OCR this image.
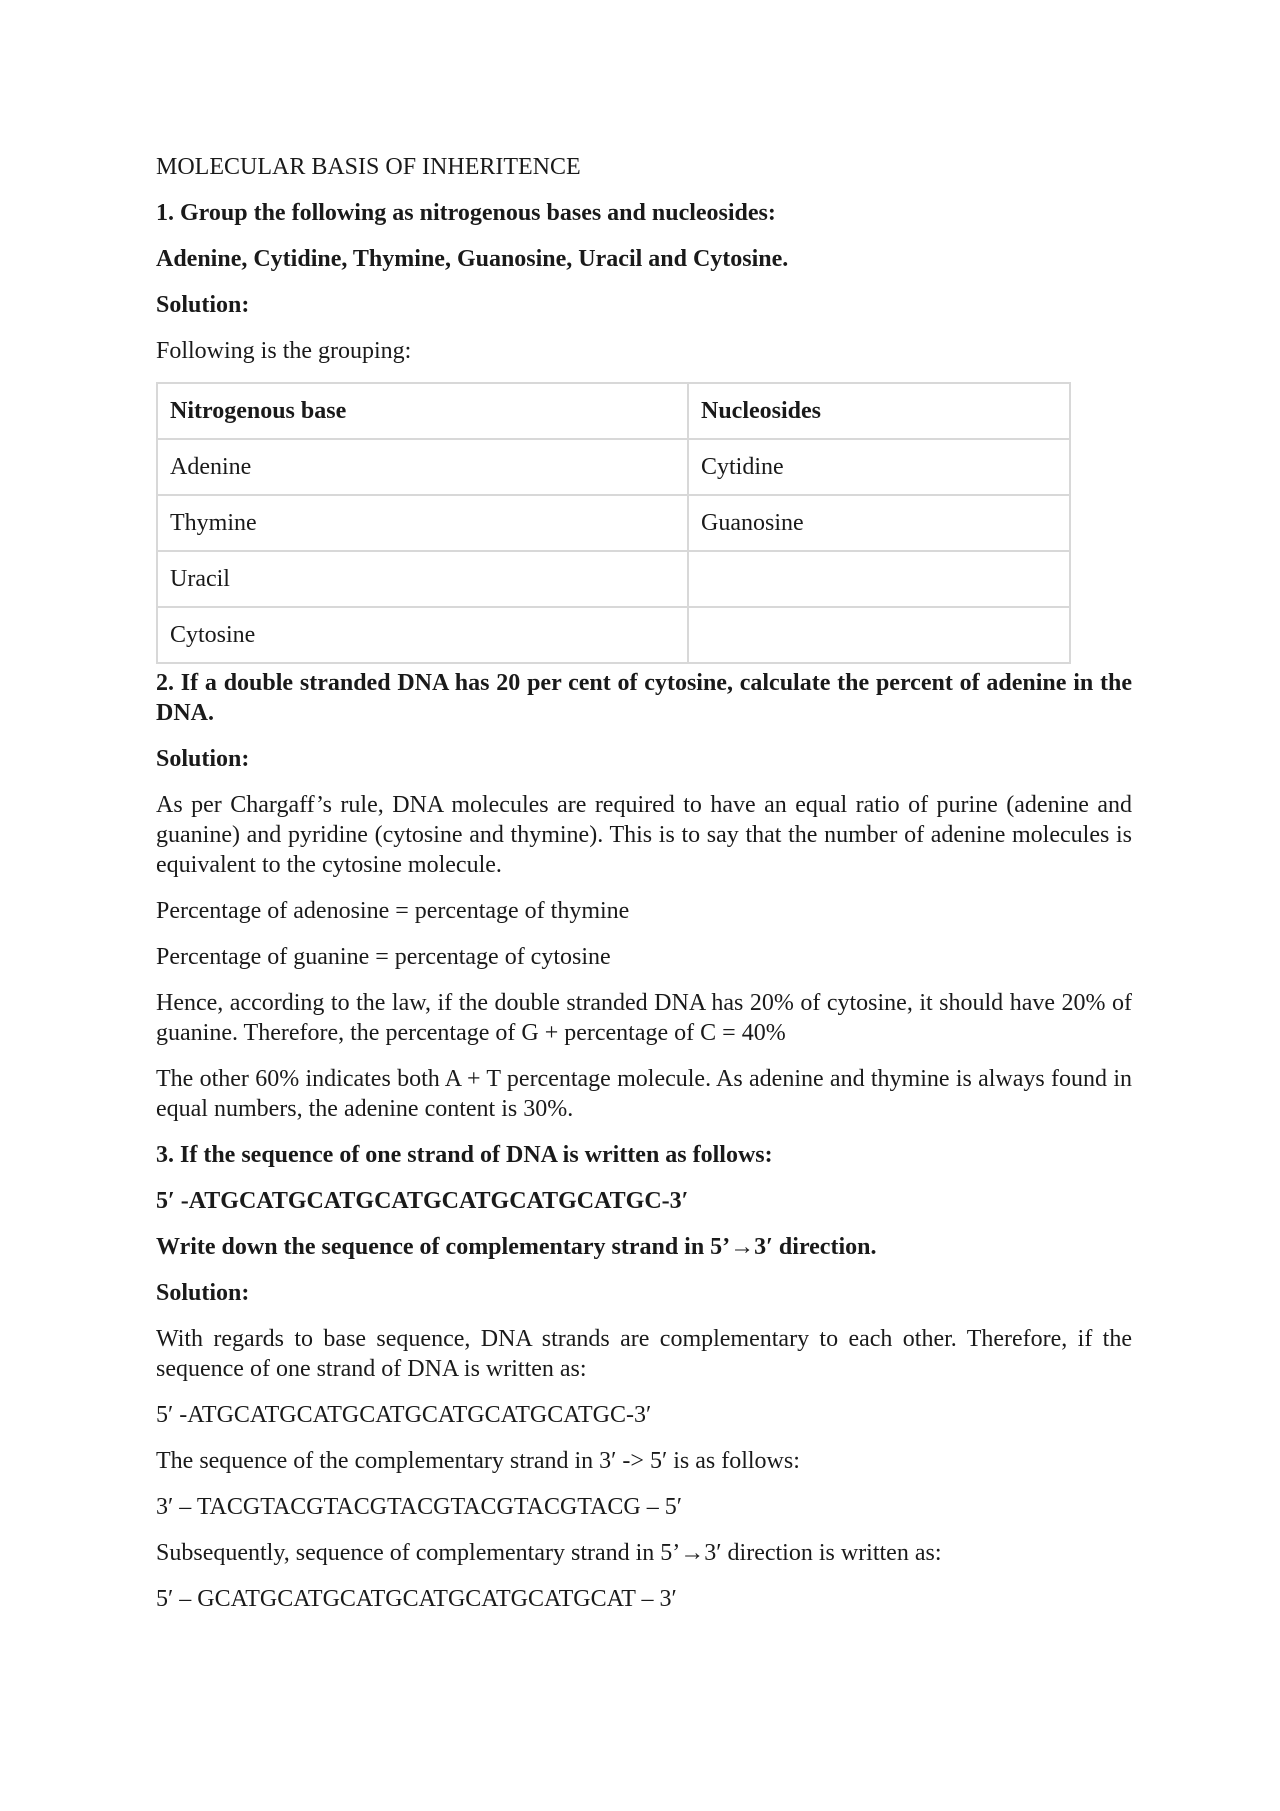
MOLECULAR BASIS OF INHERITENCE

1. Group the following as nitrogenous bases and nucleosides:

Adenine, Cytidine, Thymine, Guanosine, Uracil and Cytosine.

Solution:

Following is the grouping:

Nitrogenous base	Nucleosides
Adenine	Cytidine
Thymine	Guanosine
Uracil	
Cytosine	

2. If a double stranded DNA has 20 per cent of cytosine, calculate the percent of adenine in the DNA.

Solution:

As per Chargaff’s rule, DNA molecules are required to have an equal ratio of purine (adenine and guanine) and pyridine (cytosine and thymine). This is to say that the number of adenine molecules is equivalent to the cytosine molecule.

Percentage of adenosine = percentage of thymine

Percentage of guanine = percentage of cytosine

Hence, according to the law, if the double stranded DNA has 20% of cytosine, it should have 20% of guanine. Therefore, the percentage of G + percentage of C = 40%

The other 60% indicates both A + T percentage molecule. As adenine and thymine is always found in equal numbers, the adenine content is 30%.

3. If the sequence of one strand of DNA is written as follows:

5′ -ATGCATGCATGCATGCATGCATGCATGC-3′

Write down the sequence of complementary strand in 5’→3′ direction.

Solution:

With regards to base sequence, DNA strands are complementary to each other. Therefore, if the sequence of one strand of DNA is written as:

5′ -ATGCATGCATGCATGCATGCATGCATGC-3′

The sequence of the complementary strand in 3′ -> 5′ is as follows:

3′ – TACGTACGTACGTACGTACGTACGTACG – 5′

Subsequently, sequence of complementary strand in 5’→3′ direction is written as:

5′ – GCATGCATGCATGCATGCATGCATGCAT – 3′
